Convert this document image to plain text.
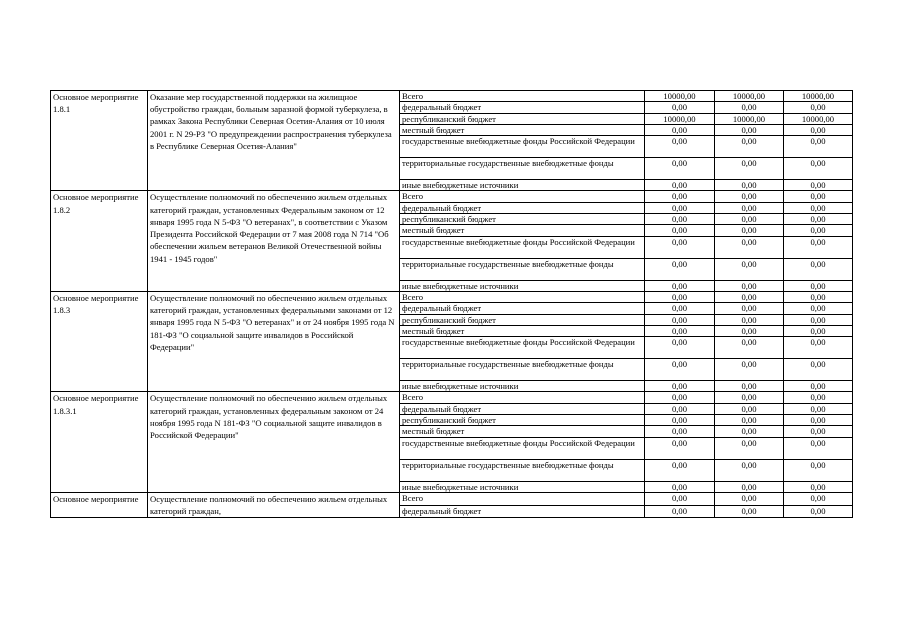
Основное мероприятие 1.8.1	Оказание мер государственной поддержки на жилищное обустройство граждан, больным заразной формой туберкулеза, в рамках Закона Республики Северная Осетия-Алания от 10 июля 2001 г. N 29-РЗ "О предупреждении распространения туберкулеза в Республике Северная Осетия-Алания"	Всего	10000,00	10000,00	10000,00
		федеральный бюджет	0,00	0,00	0,00
		республиканский бюджет	10000,00	10000,00	10000,00
		местный бюджет	0,00	0,00	0,00
		государственные внебюджетные фонды Российской Федерации	0,00	0,00	0,00
		территориальные государственные внебюджетные фонды	0,00	0,00	0,00
		иные внебюджетные источники	0,00	0,00	0,00
Основное мероприятие 1.8.2	Осуществление полномочий по обеспечению жильем отдельных категорий граждан, установленных Федеральным законом от 12 января 1995 года N 5-ФЗ "О ветеранах", в соответствии с Указом Президента Российской Федерации от 7 мая 2008 года N 714 "Об обеспечении жильем ветеранов Великой Отечественной войны 1941 - 1945 годов"	Всего	0,00	0,00	0,00
		федеральный бюджет	0,00	0,00	0,00
		республиканский бюджет	0,00	0,00	0,00
		местный бюджет	0,00	0,00	0,00
		государственные внебюджетные фонды Российской Федерации	0,00	0,00	0,00
		территориальные государственные внебюджетные фонды	0,00	0,00	0,00
		иные внебюджетные источники	0,00	0,00	0,00
Основное мероприятие 1.8.3	Осуществление полномочий по обеспечению жильем отдельных категорий граждан, установленных федеральными законами от 12 января 1995 года N 5-ФЗ "О ветеранах" и от 24 ноября 1995 года N 181-ФЗ "О социальной защите инвалидов в Российской Федерации"	Всего	0,00	0,00	0,00
		федеральный бюджет	0,00	0,00	0,00
		республиканский бюджет	0,00	0,00	0,00
		местный бюджет	0,00	0,00	0,00
		государственные внебюджетные фонды Российской Федерации	0,00	0,00	0,00
		территориальные государственные внебюджетные фонды	0,00	0,00	0,00
		иные внебюджетные источники	0,00	0,00	0,00
Основное мероприятие 1.8.3.1	Осуществление полномочий по обеспечению жильем отдельных категорий граждан, установленных федеральным законом от 24 ноября 1995 года N 181-ФЗ "О социальной защите инвалидов в Российской Федерации"	Всего	0,00	0,00	0,00
		федеральный бюджет	0,00	0,00	0,00
		республиканский бюджет	0,00	0,00	0,00
		местный бюджет	0,00	0,00	0,00
		государственные внебюджетные фонды Российской Федерации	0,00	0,00	0,00
		территориальные государственные внебюджетные фонды	0,00	0,00	0,00
		иные внебюджетные источники	0,00	0,00	0,00
Основное мероприятие	Осуществление полномочий по обеспечению жильем отдельных категорий граждан,	Всего	0,00	0,00	0,00
		федеральный бюджет	0,00	0,00	0,00
